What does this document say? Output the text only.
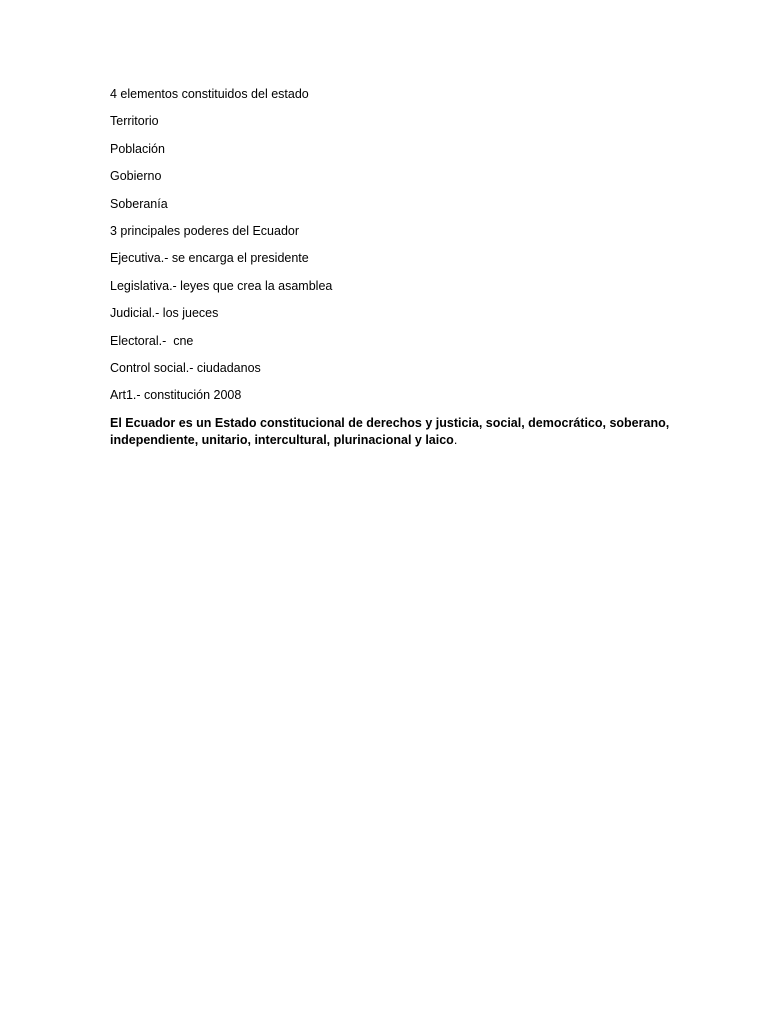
4 elementos constituidos del estado

Territorio

Población

Gobierno

Soberanía

3 principales poderes del Ecuador

Ejecutiva.- se encarga el presidente

Legislativa.- leyes que crea la asamblea

Judicial.- los jueces

Electoral.-  cne

Control social.- ciudadanos

Art1.- constitución 2008

El Ecuador es un Estado constitucional de derechos y justicia, social, democrático, soberano, independiente, unitario, intercultural, plurinacional y laico.
